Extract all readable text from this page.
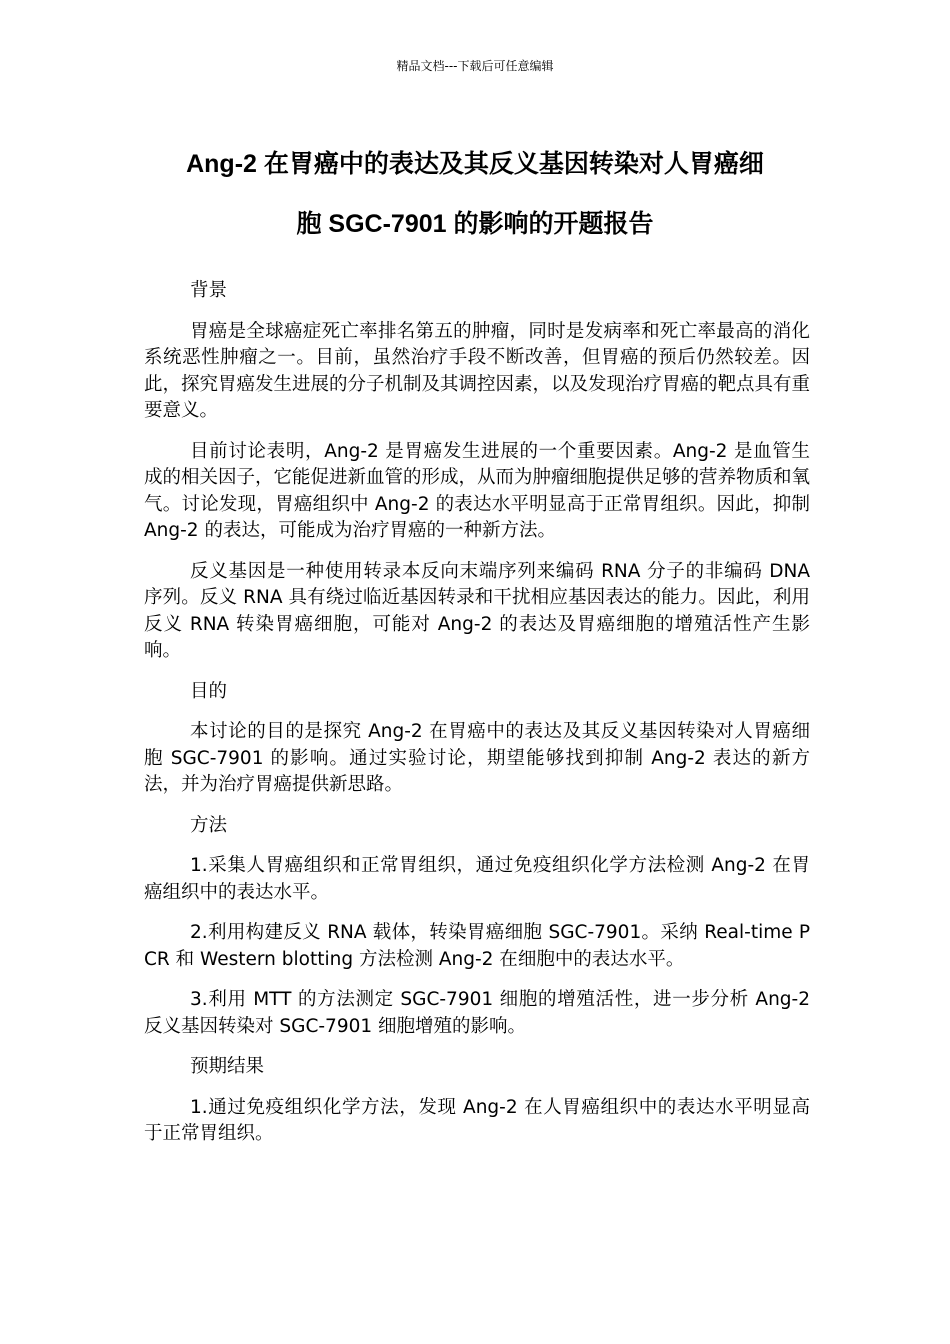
精品文档---下载后可任意编辑
Ang-2 在胃癌中的表达及其反义基因转染对人胃癌细
胞 SGC-7901 的影响的开题报告

背景

胃癌是全球癌症死亡率排名第五的肿瘤，同时是发病率和死亡率最高的消化系统恶性肿瘤之一。目前，虽然治疗手段不断改善，但胃癌的预后仍然较差。因此，探究胃癌发生进展的分子机制及其调控因素，以及发现治疗胃癌的靶点具有重要意义。

目前讨论表明，Ang-2 是胃癌发生进展的一个重要因素。Ang-2 是血管生成的相关因子，它能促进新血管的形成，从而为肿瘤细胞提供足够的营养物质和氧气。讨论发现，胃癌组织中 Ang-2 的表达水平明显高于正常胃组织。因此，抑制 Ang-2 的表达，可能成为治疗胃癌的一种新方法。

反义基因是一种使用转录本反向末端序列来编码 RNA 分子的非编码 DNA 序列。反义 RNA 具有绕过临近基因转录和干扰相应基因表达的能力。因此，利用反义 RNA 转染胃癌细胞，可能对 Ang-2 的表达及胃癌细胞的增殖活性产生影响。

目的

本讨论的目的是探究 Ang-2 在胃癌中的表达及其反义基因转染对人胃癌细胞 SGC-7901 的影响。通过实验讨论，期望能够找到抑制 Ang-2 表达的新方法，并为治疗胃癌提供新思路。

方法

1.采集人胃癌组织和正常胃组织，通过免疫组织化学方法检测 Ang-2 在胃癌组织中的表达水平。

2.利用构建反义 RNA 载体，转染胃癌细胞 SGC-7901。采纳 Real-time PCR 和 Western blotting 方法检测 Ang-2 在细胞中的表达水平。

3.利用 MTT 的方法测定 SGC-7901 细胞的增殖活性，进一步分析 Ang-2 反义基因转染对 SGC-7901 细胞增殖的影响。

预期结果

1.通过免疫组织化学方法，发现 Ang-2 在人胃癌组织中的表达水平明显高于正常胃组织。
